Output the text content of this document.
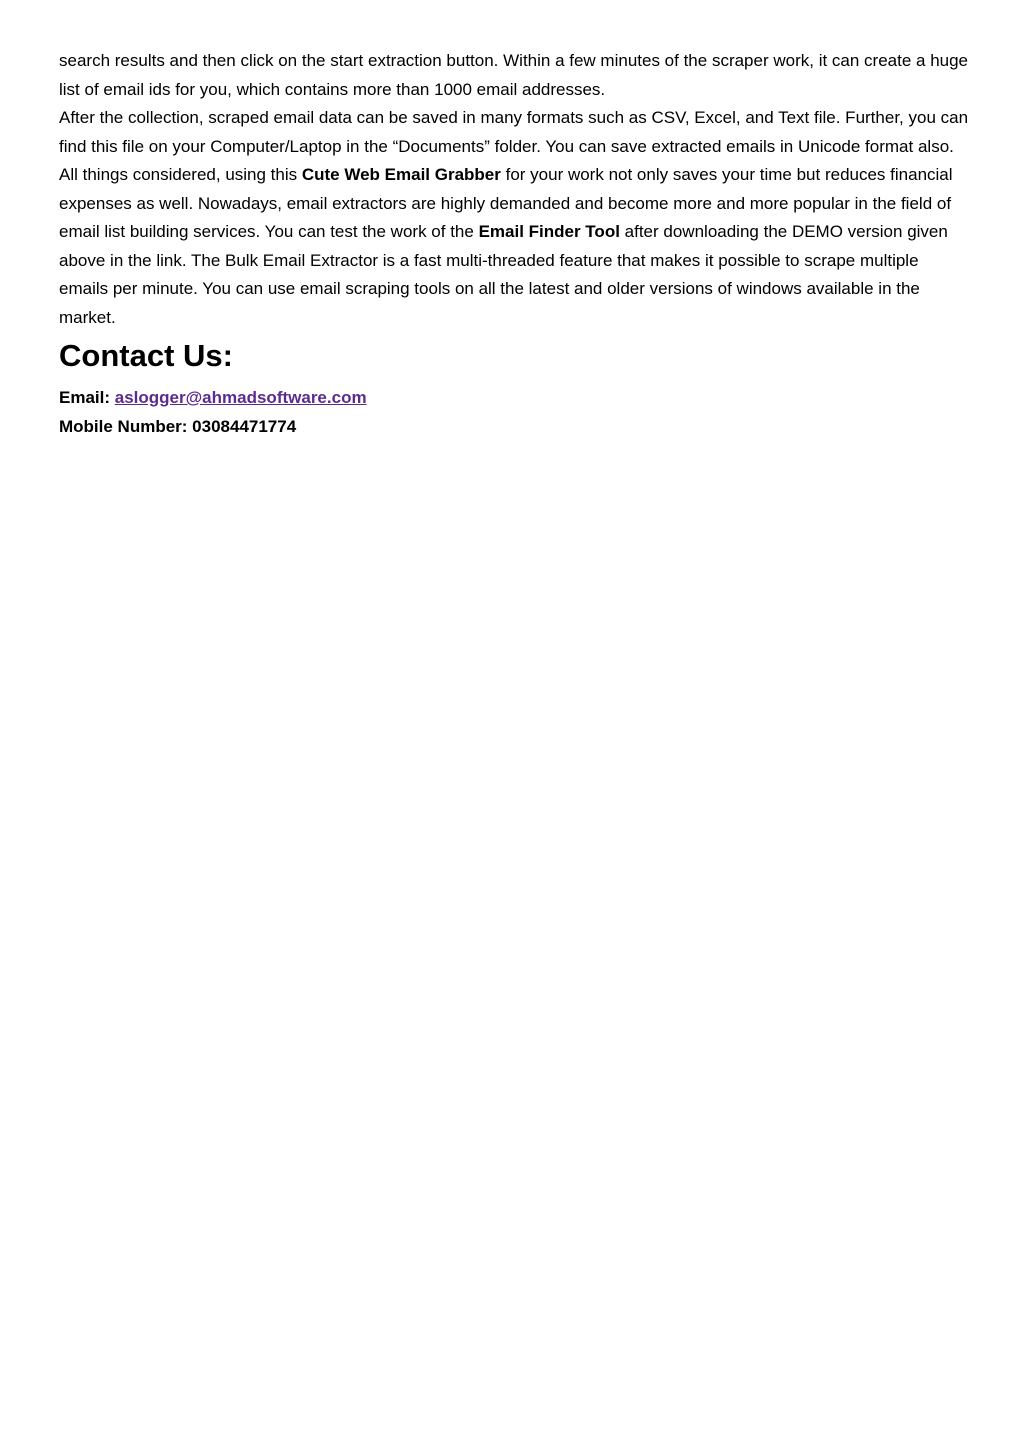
search results and then click on the start extraction button. Within a few minutes of the scraper work, it can create a huge list of email ids for you, which contains more than 1000 email addresses.

After the collection, scraped email data can be saved in many formats such as CSV, Excel, and Text file. Further, you can find this file on your Computer/Laptop in the “Documents” folder. You can save extracted emails in Unicode format also.

All things considered, using this Cute Web Email Grabber for your work not only saves your time but reduces financial expenses as well. Nowadays, email extractors are highly demanded and become more and more popular in the field of email list building services. You can test the work of the Email Finder Tool after downloading the DEMO version given above in the link. The Bulk Email Extractor is a fast multi-threaded feature that makes it possible to scrape multiple emails per minute. You can use email scraping tools on all the latest and older versions of windows available in the market.

Contact Us:

Email: aslogger@ahmadsoftware.com

Mobile Number: 03084471774
